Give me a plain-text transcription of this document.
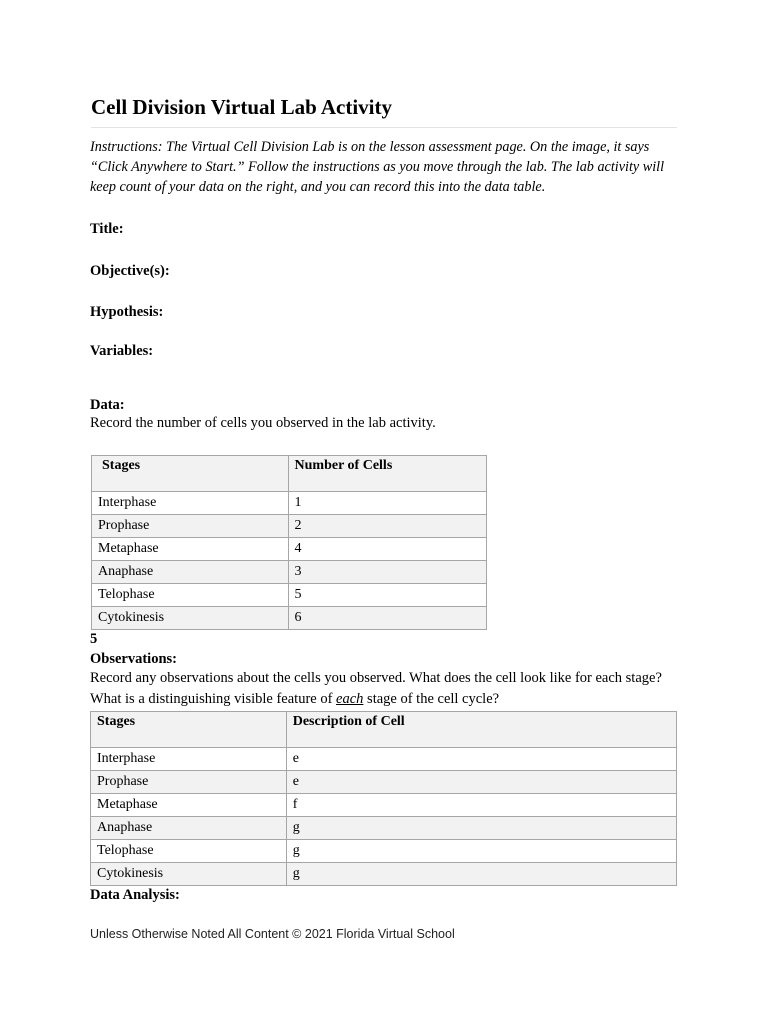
Cell Division Virtual Lab Activity
Instructions: The Virtual Cell Division Lab is on the lesson assessment page. On the image, it says “Click Anywhere to Start.” Follow the instructions as you move through the lab. The lab activity will keep count of your data on the right, and you can record this into the data table.
Title:
Objective(s):
Hypothesis:
Variables:
Data:
Record the number of cells you observed in the lab activity.
Stages	Number of Cells
Interphase	1
Prophase	2
Metaphase	4
Anaphase	3
Telophase	5
Cytokinesis	6
5
Observations:
Record any observations about the cells you observed. What does the cell look like for each stage? What is a distinguishing visible feature of each stage of the cell cycle?
Stages	Description of Cell
Interphase	e
Prophase	e
Metaphase	f
Anaphase	g
Telophase	g
Cytokinesis	g
Data Analysis:
Unless Otherwise Noted All Content © 2021 Florida Virtual School
